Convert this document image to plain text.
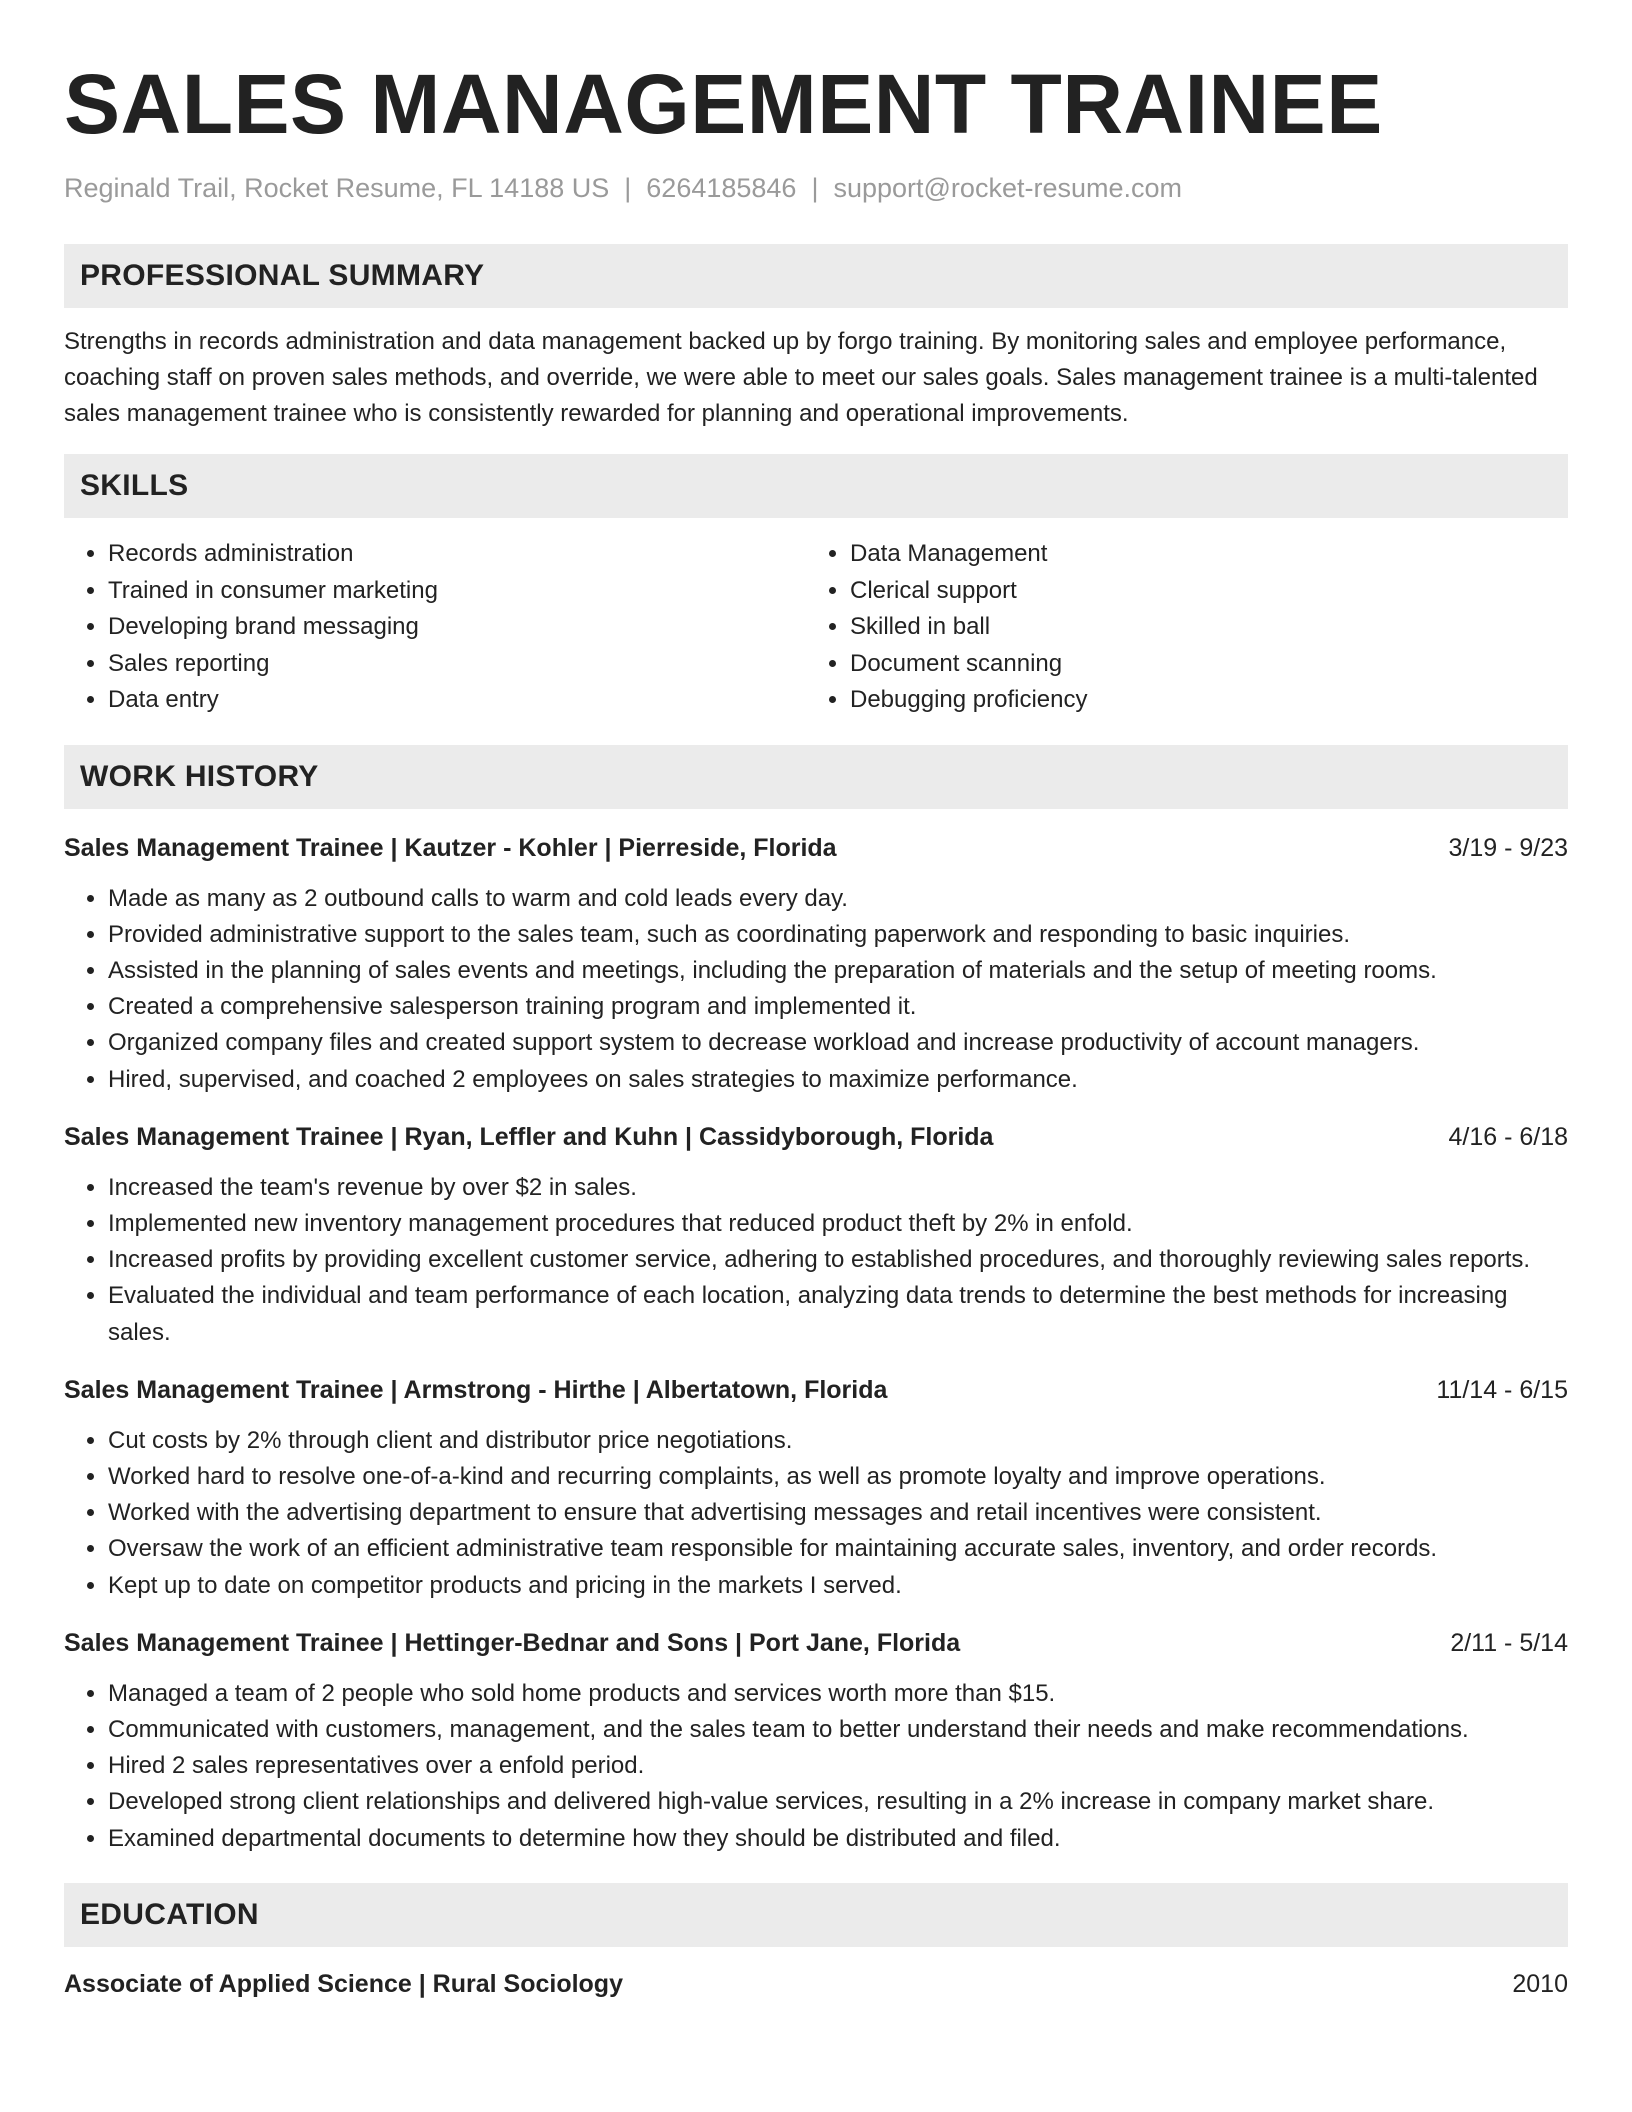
SALES MANAGEMENT TRAINEE
Reginald Trail, Rocket Resume, FL 14188 US | 6264185846 | support@rocket-resume.com
PROFESSIONAL SUMMARY

Strengths in records administration and data management backed up by forgo training. By monitoring sales and employee performance, coaching staff on proven sales methods, and override, we were able to meet our sales goals. Sales management trainee is a multi-talented sales management trainee who is consistently rewarded for planning and operational improvements.

SKILLS
• Records administration
• Trained in consumer marketing
• Developing brand messaging
• Sales reporting
• Data entry
• Data Management
• Clerical support
• Skilled in ball
• Document scanning
• Debugging proficiency
WORK HISTORY
Sales Management Trainee | Kautzer - Kohler | Pierreside, Florida	3/19 - 9/23
• Made as many as 2 outbound calls to warm and cold leads every day.
• Provided administrative support to the sales team, such as coordinating paperwork and responding to basic inquiries.
• Assisted in the planning of sales events and meetings, including the preparation of materials and the setup of meeting rooms.
• Created a comprehensive salesperson training program and implemented it.
• Organized company files and created support system to decrease workload and increase productivity of account managers.
• Hired, supervised, and coached 2 employees on sales strategies to maximize performance.
Sales Management Trainee | Ryan, Leffler and Kuhn | Cassidyborough, Florida	4/16 - 6/18
• Increased the team's revenue by over $2 in sales.
• Implemented new inventory management procedures that reduced product theft by 2% in enfold.
• Increased profits by providing excellent customer service, adhering to established procedures, and thoroughly reviewing sales reports.
• Evaluated the individual and team performance of each location, analyzing data trends to determine the best methods for increasing sales.
Sales Management Trainee | Armstrong - Hirthe | Albertatown, Florida	11/14 - 6/15
• Cut costs by 2% through client and distributor price negotiations.
• Worked hard to resolve one-of-a-kind and recurring complaints, as well as promote loyalty and improve operations.
• Worked with the advertising department to ensure that advertising messages and retail incentives were consistent.
• Oversaw the work of an efficient administrative team responsible for maintaining accurate sales, inventory, and order records.
• Kept up to date on competitor products and pricing in the markets I served.
Sales Management Trainee | Hettinger-Bednar and Sons | Port Jane, Florida	2/11 - 5/14
• Managed a team of 2 people who sold home products and services worth more than $15.
• Communicated with customers, management, and the sales team to better understand their needs and make recommendations.
• Hired 2 sales representatives over a enfold period.
• Developed strong client relationships and delivered high-value services, resulting in a 2% increase in company market share.
• Examined departmental documents to determine how they should be distributed and filed.
EDUCATION
Associate of Applied Science | Rural Sociology	2010
